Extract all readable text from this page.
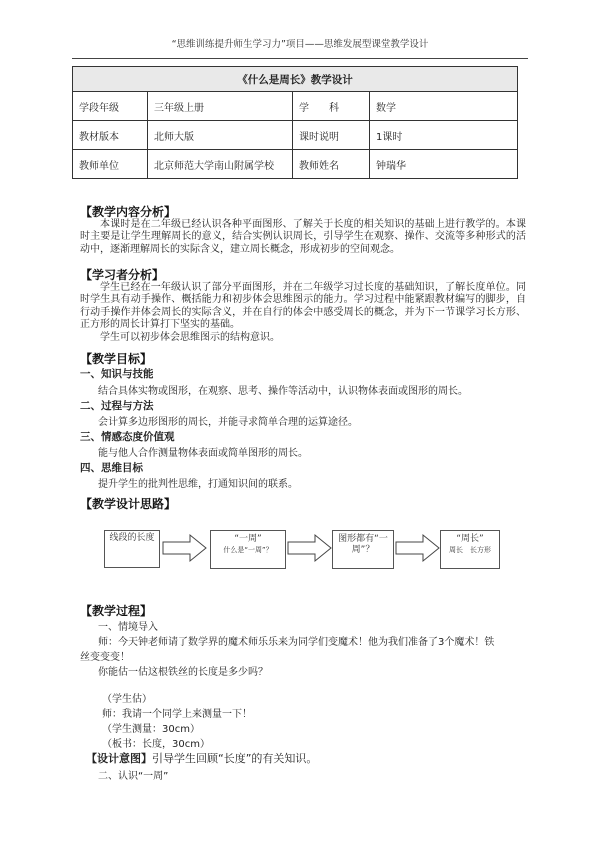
“思维训练提升师生学习力”项目——思维发展型课堂教学设计
《什么是周长》教学设计			
学段年级	三年级上册	学　　科	数学
教材版本	北师大版	课时说明	1课时
教师单位	北京师范大学南山附属学校	教师姓名	钟瑞华
【教学内容分析】
本课时是在二年级已经认识各种平面图形、了解关于长度的相关知识的基础上进行教学的。本课时主要是让学生理解周长的意义，结合实例认识周长，引导学生在观察、操作、交流等多种形式的活动中，逐渐理解周长的实际含义，建立周长概念，形成初步的空间观念。
【学习者分析】
学生已经在一年级认识了部分平面图形，并在二年级学习过长度的基础知识，了解长度单位。同时学生具有动手操作、概括能力和初步体会思维图示的能力。学习过程中能紧跟教材编写的脚步，自行动手操作并体会周长的实际含义，并在自行的体会中感受周长的概念，并为下一节课学习长方形、正方形的周长计算打下坚实的基础。
学生可以初步体会思维图示的结构意识。
【教学目标】
一、知识与技能
结合具体实物或图形，在观察、思考、操作等活动中，认识物体表面或图形的周长。
二、过程与方法
会计算多边形图形的周长，并能寻求简单合理的运算途径。
三、情感态度价值观
能与他人合作测量物体表面或简单图形的周长。
四、思维目标
提升学生的批判性思维，打通知识间的联系。
【教学设计思路】
线段的长度	“一周”
什么是“一周”？
图形都有“一周”？
“周长”
周长　长方形
【教学过程】
一、情境导入
师：今天钟老师请了数学界的魔术师乐乐来为同学们变魔术！他为我们准备了3个魔术！铁
丝变变变！
你能估一估这根铁丝的长度是多少吗？
（学生估）
师：我请一个同学上来测量一下！
（学生测量：30cm）
（板书：长度，30cm）
【设计意图】引导学生回顾“长度”的有关知识。
二、认识“一周”
